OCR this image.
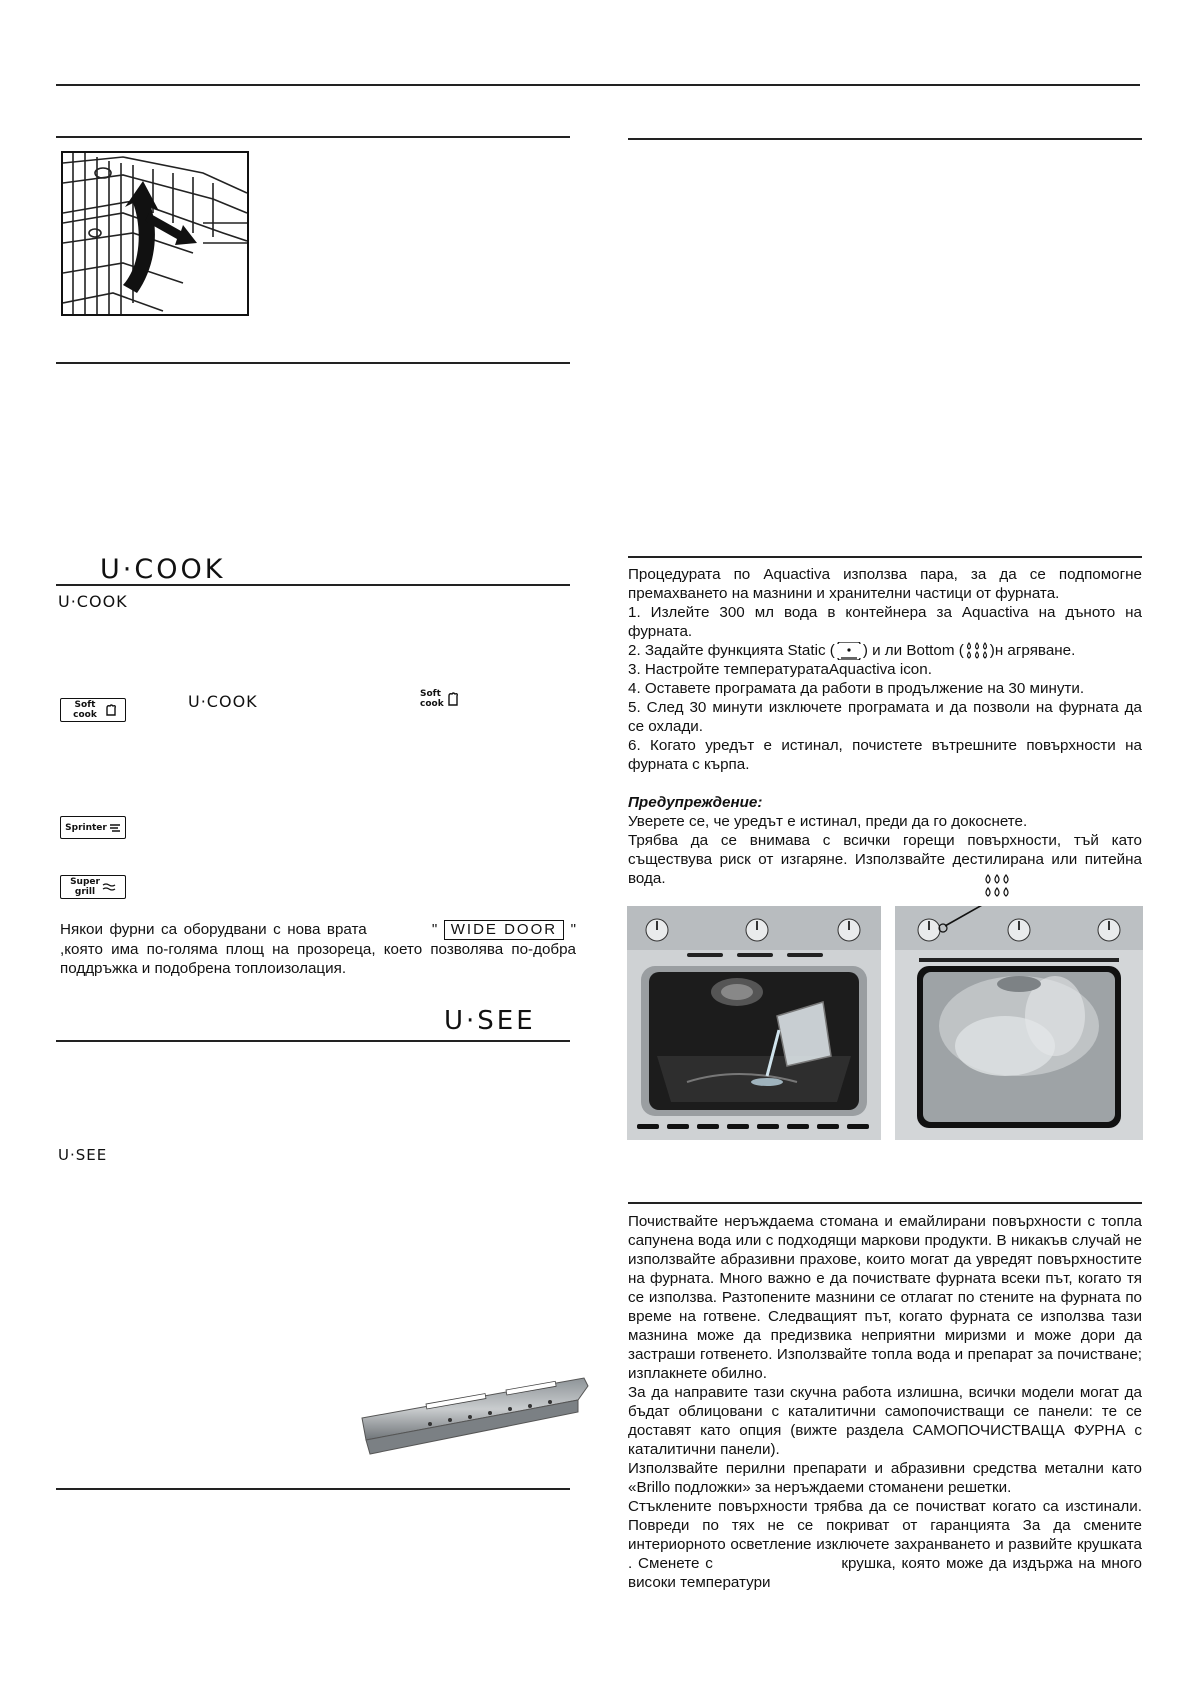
U·COOK
U·COOK
U·COOK
Soft cook
Soft cook
Sprinter
Super grill

Някои фурни са оборудвани с нова врата          " WIDE DOOR " ,която има по-голяма площ на прозореца, което позволява по-добра поддръжка и подобрена топлоизолация.

U·SEE
U·SEE

Процедурата по Aquactiva използва пара, за да се подпомогне премахването на мазнини и хранителни частици от фурната.

1. Излейте 300 мл вода в контейнера за Aquactiva на дъното на фурната.

2. Задайте функцията Static ( ) и ли Bottom ( )н агряване.

3. Настройте температуратаAquactiva icon.

4. Оставете програмата да работи в продължение на 30 минути.

5. След 30 минути изключете програмата и да позволи на фурната да се охлади.

6. Когато уредът е истинал, почистете вътрешните повърхности на фурната с кърпа.

Предупреждение:

Уверете се, че уредът е истинал, преди да го докоснете.

Трябва да се внимава с всички горещи повърхности, тъй като съществува риск от изгаряне. Използвайте дестилирана или питейна вода.

Почиствайте неръждаема стомана и емайлирани повърхности с топла сапунена вода или с подходящи маркови продукти. В никакъв случай не използвайте абразивни прахове, които могат да увредят повърхностите на фурната. Много важно е да почиствате фурната всеки път, когато тя се използва. Разтопените мазнини се отлагат по стените на фурната по време на готвене. Следващият път, когато фурната се използва тази мазнина може да предизвика неприятни миризми и може дори да застраши готвенето. Използвайте топла вода и препарат за почистване; изплакнете обилно.

За да направите тази скучна работа излишна, всички модели могат да бъдат облицовани с каталитични самопочистващи се панели: те се доставят като опция (вижте раздела САМОПОЧИСТВАЩА ФУРНА с каталитични панели).

Използвайте перилни препарати и абразивни средства метални като «Brillo подложки» за неръждаеми стоманени решетки.

Стъклените повърхности трябва да се почистват когато са изстинали. Повреди по тях не се покриват от гаранцията За да смените интериорното осветление изключете захранването и развийте крушката . Сменете с	крушка, която може да издържа на много високи температури
